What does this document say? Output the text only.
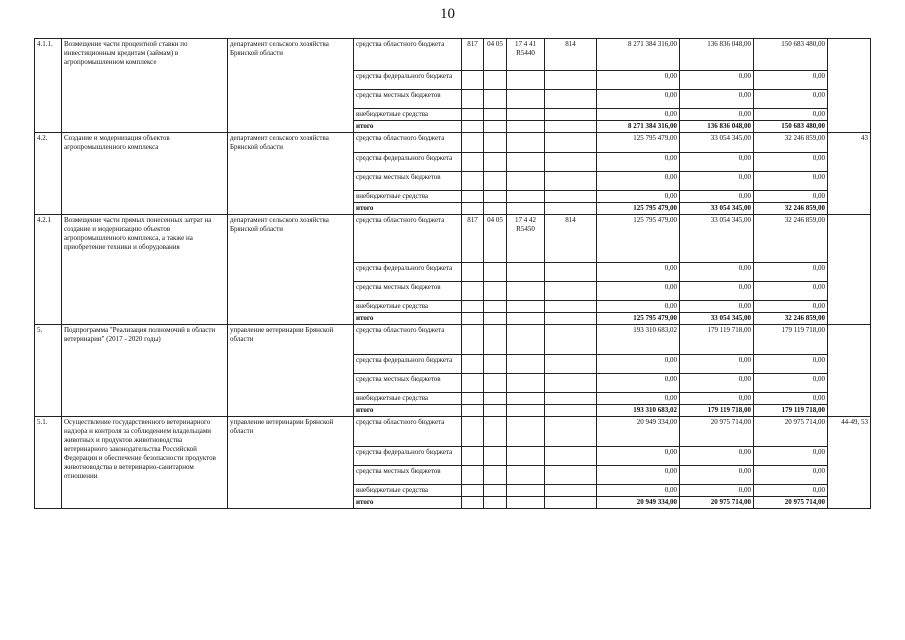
10
4.1.1.	Возмещение части процентной ставки по инвестиционным кредитам (займам) в агропромышленном комплексе	департамент сельского хозяйства Брянской области	средства областного бюджета	817	04 05	17 4 41 R5440	814	8 271 384 316,00	136 836 048,00	150 683 480,00	
			средства федерального бюджета					0,00	0,00	0,00	
			средства местных бюджетов					0,00	0,00	0,00	
			внебюджетные средства					0,00	0,00	0,00	
			итого					8 271 384 316,00	136 836 048,00	150 683 480,00	
4.2.	Создание и модернизация объектов агропромышленного комплекса	департамент сельского хозяйства Брянской области	средства областного бюджета					125 795 479,00	33 054 345,00	32 246 859,00	43
			средства федерального бюджета					0,00	0,00	0,00	
			средства местных бюджетов					0,00	0,00	0,00	
			внебюджетные средства					0,00	0,00	0,00	
			итого					125 795 479,00	33 054 345,00	32 246 859,00	
4.2.1	Возмещение части прямых понесенных затрат на создание и модернизацию объектов агропромышленного комплекса, а также на приобретение техники и оборудования	департамент сельского хозяйства Брянской области	средства областного бюджета	817	04 05	17 4 42 R5450	814	125 795 479,00	33 054 345,00	32 246 859,00	
			средства федерального бюджета					0,00	0,00	0,00	
			средства местных бюджетов					0,00	0,00	0,00	
			внебюджетные средства					0,00	0,00	0,00	
			итого					125 795 479,00	33 054 345,00	32 246 859,00	
5.	Подпрограмма "Реализация полномочий в области ветеринарии" (2017 - 2020 годы)	управление ветеринарии Брянской области	средства областного бюджета					193 310 683,02	179 119 718,00	179 119 718,00	
			средства федерального бюджета					0,00	0,00	0,00	
			средства местных бюджетов					0,00	0,00	0,00	
			внебюджетные средства					0,00	0,00	0,00	
			итого					193 310 683,02	179 119 718,00	179 119 718,00	
5.1.	Осуществление государственного ветеринарного надзора и контроля за соблюдением владельцами животных и продуктов животноводства ветеринарного законодательства Российской Федерации и обеспечение безопасности продуктов животноводства в ветеринарно-санитарном отношении	управление ветеринарии Брянской области	средства областного бюджета					20 949 334,00	20 975 714,00	20 975 714,00	44-49, 53
			средства федерального бюджета					0,00	0,00	0,00	
			средства местных бюджетов					0,00	0,00	0,00	
			внебюджетные средства					0,00	0,00	0,00	
			итого					20 949 334,00	20 975 714,00	20 975 714,00	
